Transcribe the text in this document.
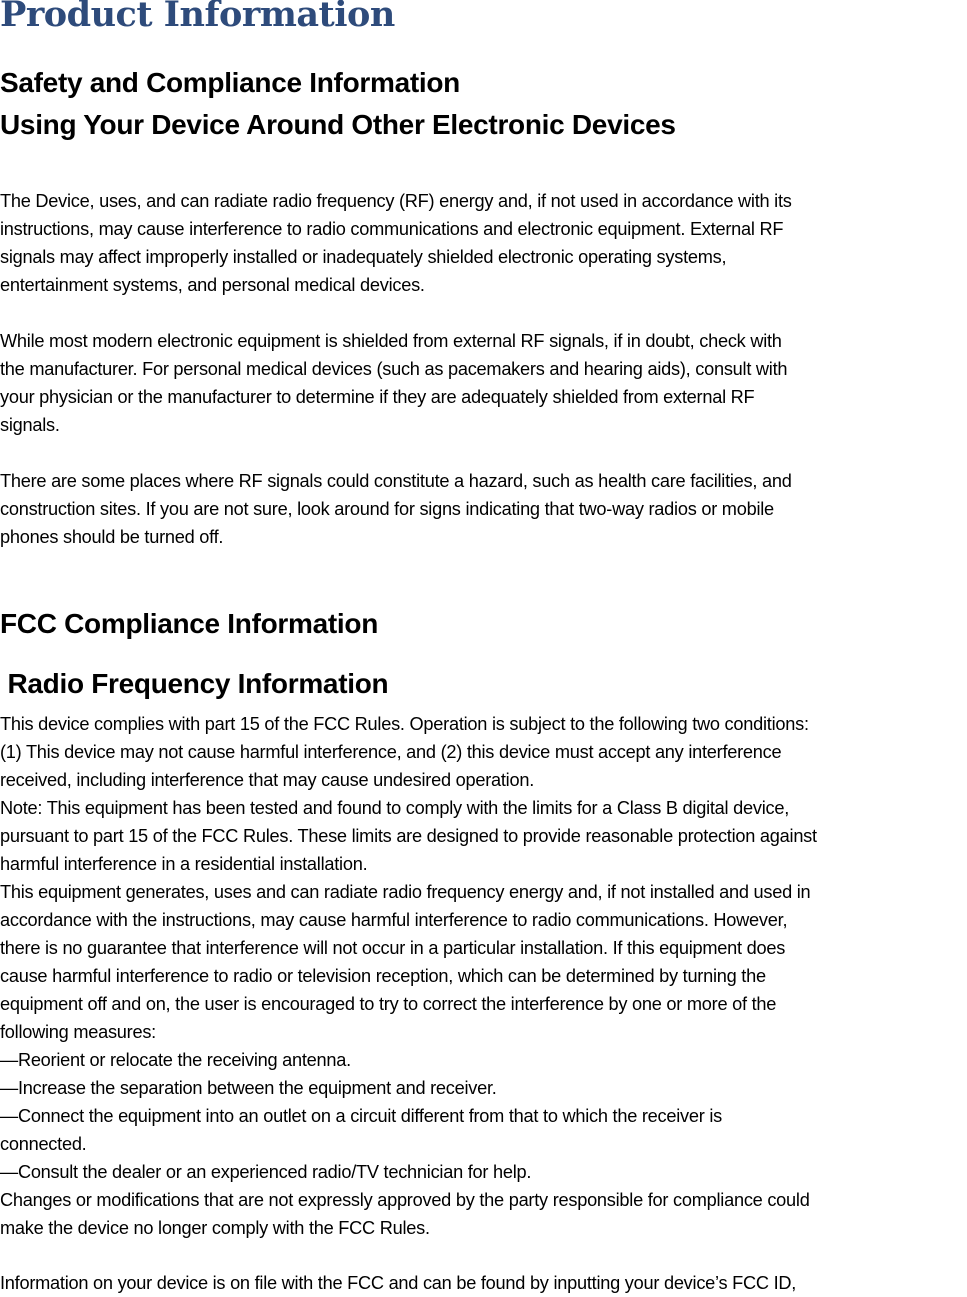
Product Information
Safety and Compliance Information
Using Your Device Around Other Electronic Devices
The Device, uses, and can radiate radio frequency (RF) energy and, if not used in accordance with its
instructions, may cause interference to radio communications and electronic equipment. External RF
signals may affect improperly installed or inadequately shielded electronic operating systems,
entertainment systems, and personal medical devices.
While most modern electronic equipment is shielded from external RF signals, if in doubt, check with
the manufacturer. For personal medical devices (such as pacemakers and hearing aids), consult with
your physician or the manufacturer to determine if they are adequately shielded from external RF
signals.
There are some places where RF signals could constitute a hazard, such as health care facilities, and
construction sites. If you are not sure, look around for signs indicating that two-way radios or mobile
phones should be turned off.
FCC Compliance Information
Radio Frequency Information
This device complies with part 15 of the FCC Rules. Operation is subject to the following two conditions:
(1) This device may not cause harmful interference, and (2) this device must accept any interference
received, including interference that may cause undesired operation.
Note: This equipment has been tested and found to comply with the limits for a Class B digital device,
pursuant to part 15 of the FCC Rules. These limits are designed to provide reasonable protection against
harmful interference in a residential installation.
This equipment generates, uses and can radiate radio frequency energy and, if not installed and used in
accordance with the instructions, may cause harmful interference to radio communications. However,
there is no guarantee that interference will not occur in a particular installation. If this equipment does
cause harmful interference to radio or television reception, which can be determined by turning the
equipment off and on, the user is encouraged to try to correct the interference by one or more of the
following measures:
—Reorient or relocate the receiving antenna.
—Increase the separation between the equipment and receiver.
—Connect the equipment into an outlet on a circuit different from that to which the receiver is
connected.
—Consult the dealer or an experienced radio/TV technician for help.
Changes or modifications that are not expressly approved by the party responsible for compliance could
make the device no longer comply with the FCC Rules.
Information on your device is on file with the FCC and can be found by inputting your device’s FCC ID,
